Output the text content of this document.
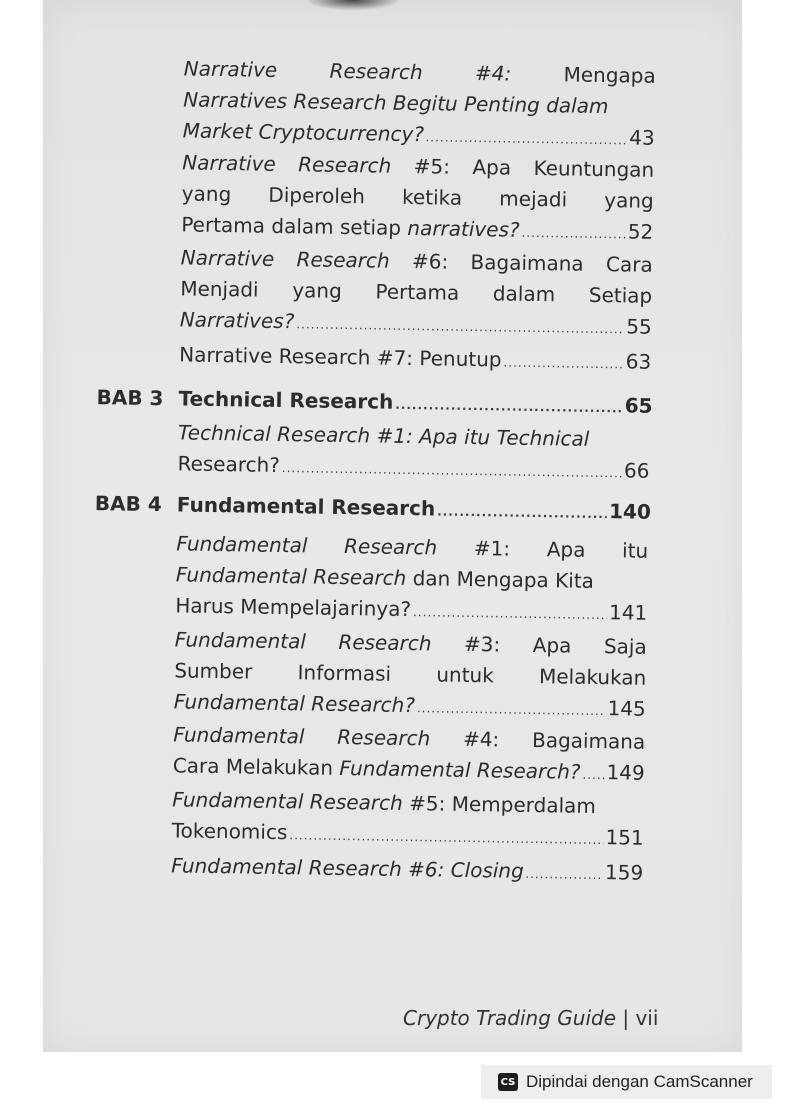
Narrative	Research	#4:	Mengapa
Narratives Research Begitu Penting dalam
Market Cryptocurrency? .....	43
Narrative Research #5: Apa Keuntungan
yang Diperoleh ketika mejadi yang
Pertama dalam setiap narratives? .....	52
Narrative Research #6: Bagaimana Cara
Menjadi yang Pertama dalam Setiap
Narratives? .....	55
Narrative Research #7: Penutup .....	63
BAB 3 Technical Research .....	65
Technical Research #1: Apa itu Technical
Research? .....	66
BAB 4 Fundamental Research .....	140
Fundamental Research #1: Apa itu
Fundamental Research dan Mengapa Kita
Harus Mempelajarinya? .....	141
Fundamental Research #3: Apa Saja
Sumber Informasi untuk Melakukan
Fundamental Research? .....	145
Fundamental Research #4: Bagaimana
Cara Melakukan Fundamental Research? ..... 149
Fundamental Research #5: Memperdalam
Tokenomics .....	151
Fundamental Research #6: Closing .....	159
Crypto Trading Guide | vii
CS Dipindai dengan CamScanner
